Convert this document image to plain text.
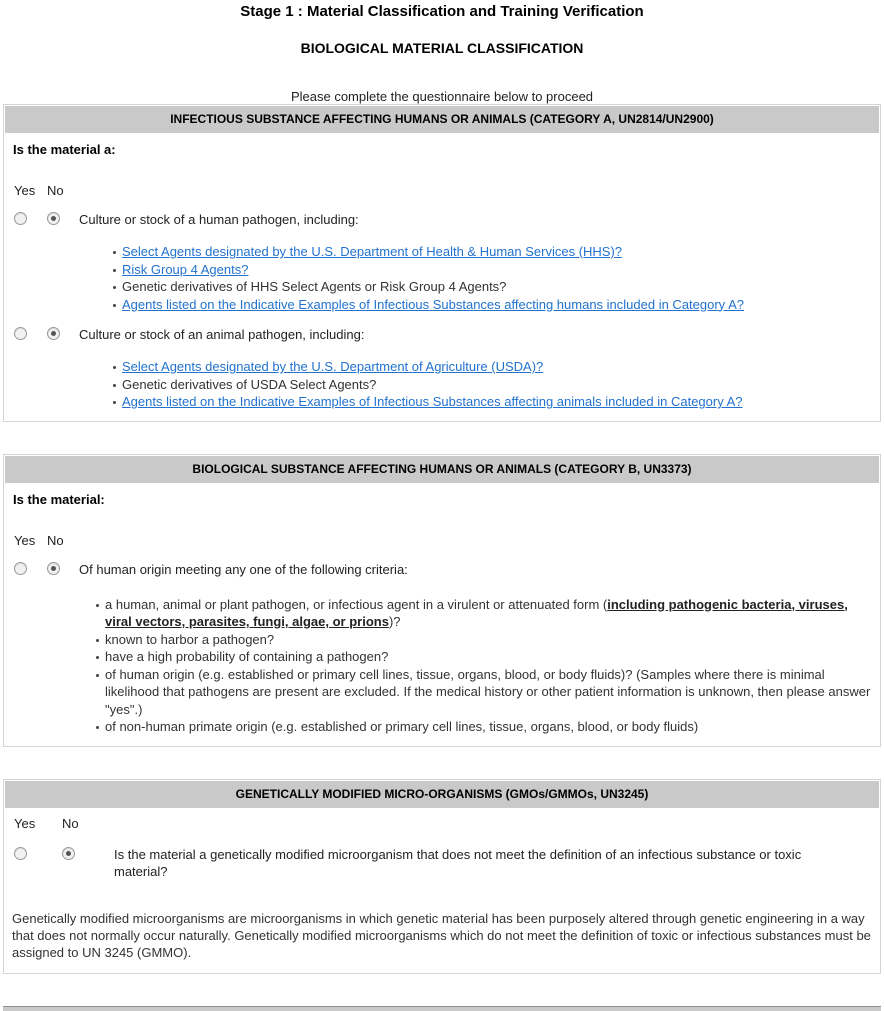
Stage 1 : Material Classification and Training Verification
BIOLOGICAL MATERIAL CLASSIFICATION
Please complete the questionnaire below to proceed
INFECTIOUS SUBSTANCE AFFECTING HUMANS OR ANIMALS (CATEGORY A, UN2814/UN2900)
Is the material a:
Yes No
Culture or stock of a human pathogen, including:
Select Agents designated by the U.S. Department of Health & Human Services (HHS)?
Risk Group 4 Agents?
Genetic derivatives of HHS Select Agents or Risk Group 4 Agents?
Agents listed on the Indicative Examples of Infectious Substances affecting humans included in Category A?
Culture or stock of an animal pathogen, including:
Select Agents designated by the U.S. Department of Agriculture (USDA)?
Genetic derivatives of USDA Select Agents?
Agents listed on the Indicative Examples of Infectious Substances affecting animals included in Category A?
BIOLOGICAL SUBSTANCE AFFECTING HUMANS OR ANIMALS (CATEGORY B, UN3373)
Is the material:
Yes No
Of human origin meeting any one of the following criteria:
a human, animal or plant pathogen, or infectious agent in a virulent or attenuated form (including pathogenic bacteria, viruses, viral vectors, parasites, fungi, algae, or prions)?
known to harbor a pathogen?
have a high probability of containing a pathogen?
of human origin (e.g. established or primary cell lines, tissue, organs, blood, or body fluids)? (Samples where there is minimal likelihood that pathogens are present are excluded. If the medical history or other patient information is unknown, then please answer "yes".)
of non-human primate origin (e.g. established or primary cell lines, tissue, organs, blood, or body fluids)
GENETICALLY MODIFIED MICRO-ORGANISMS (GMOs/GMMOs, UN3245)
Yes	No
Is the material a genetically modified microorganism that does not meet the definition of an infectious substance or toxic material?

Genetically modified microorganisms are microorganisms in which genetic material has been purposely altered through genetic engineering in a way that does not normally occur naturally. Genetically modified microorganisms which do not meet the definition of toxic or infectious substances must be assigned to UN 3245 (GMMO).
